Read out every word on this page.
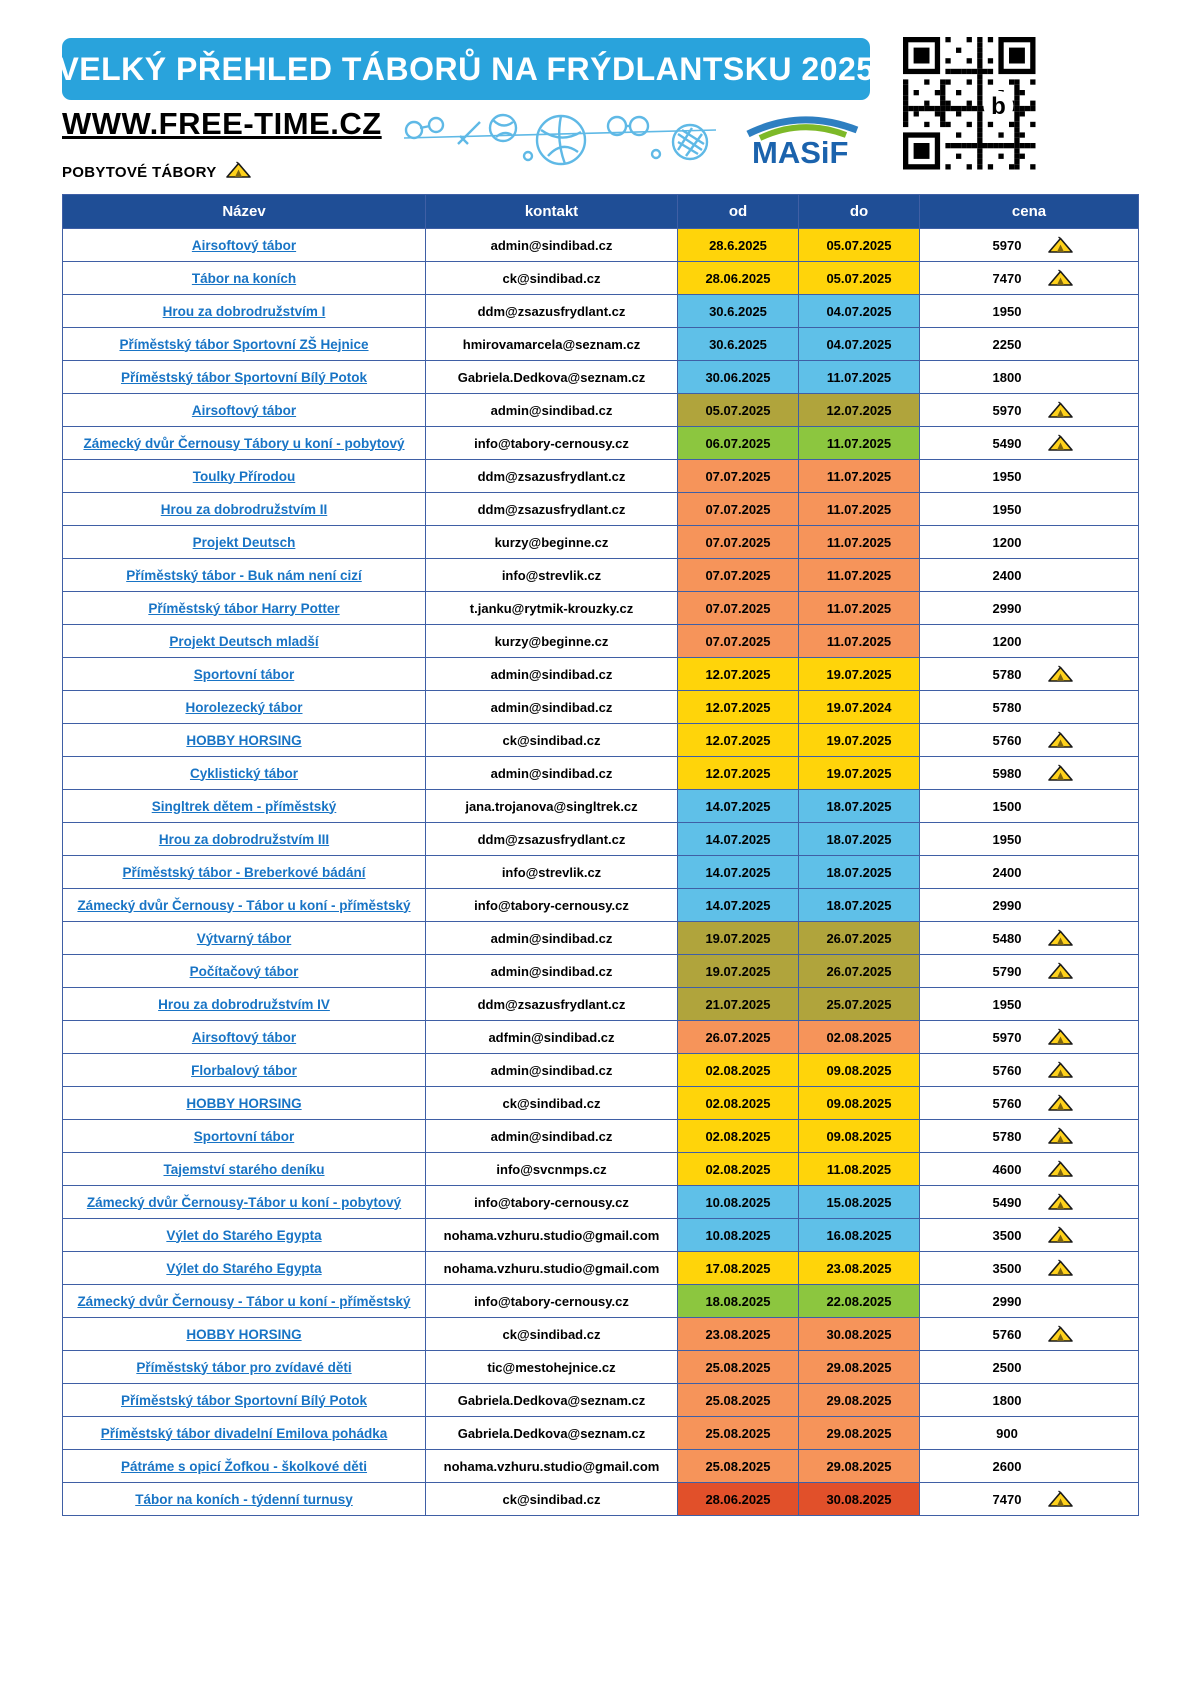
VELKÝ PŘEHLED TÁBORŮ NA FRÝDLANTSKU 2025
b
WWW.FREE-TIME.CZ
MASiF
POBYTOVÉ TÁBORY
Název	kontakt	od	do	cena
Airsoftový tábor	admin@sindibad.cz	28.6.2025	05.07.2025	5970

Tábor na koních	ck@sindibad.cz	28.06.2025	05.07.2025	7470

Hrou za dobrodružstvím I	ddm@zsazusfrydlant.cz	30.6.2025	04.07.2025	1950

Příměstský tábor Sportovní ZŠ Hejnice	hmirovamarcela@seznam.cz	30.6.2025	04.07.2025	2250

Příměstský tábor Sportovní Bílý Potok	Gabriela.Dedkova@seznam.cz	30.06.2025	11.07.2025	1800

Airsoftový tábor	admin@sindibad.cz	05.07.2025	12.07.2025	5970

Zámecký dvůr Černousy Tábory u koní - pobytový	info@tabory-cernousy.cz	06.07.2025	11.07.2025	5490

Toulky Přírodou	ddm@zsazusfrydlant.cz	07.07.2025	11.07.2025	1950

Hrou za dobrodružstvím II	ddm@zsazusfrydlant.cz	07.07.2025	11.07.2025	1950

Projekt Deutsch	kurzy@beginne.cz	07.07.2025	11.07.2025	1200

Příměstský tábor - Buk nám není cizí	info@strevlik.cz	07.07.2025	11.07.2025	2400

Příměstský tábor Harry Potter	t.janku@rytmik-krouzky.cz	07.07.2025	11.07.2025	2990

Projekt Deutsch mladší	kurzy@beginne.cz	07.07.2025	11.07.2025	1200

Sportovní tábor	admin@sindibad.cz	12.07.2025	19.07.2025	5780

Horolezecký tábor	admin@sindibad.cz	12.07.2025	19.07.2024	5780

HOBBY HORSING	ck@sindibad.cz	12.07.2025	19.07.2025	5760

Cyklistický tábor	admin@sindibad.cz	12.07.2025	19.07.2025	5980

Singltrek dětem - příměstský	jana.trojanova@singltrek.cz	14.07.2025	18.07.2025	1500

Hrou za dobrodružstvím III	ddm@zsazusfrydlant.cz	14.07.2025	18.07.2025	1950

Příměstský tábor - Breberkové bádání	info@strevlik.cz	14.07.2025	18.07.2025	2400

Zámecký dvůr Černousy - Tábor u koní - příměstský	info@tabory-cernousy.cz	14.07.2025	18.07.2025	2990

Výtvarný tábor	admin@sindibad.cz	19.07.2025	26.07.2025	5480

Počítačový tábor	admin@sindibad.cz	19.07.2025	26.07.2025	5790

Hrou za dobrodružstvím IV	ddm@zsazusfrydlant.cz	21.07.2025	25.07.2025	1950

Airsoftový tábor	adfmin@sindibad.cz	26.07.2025	02.08.2025	5970

Florbalový tábor	admin@sindibad.cz	02.08.2025	09.08.2025	5760

HOBBY HORSING	ck@sindibad.cz	02.08.2025	09.08.2025	5760

Sportovní tábor	admin@sindibad.cz	02.08.2025	09.08.2025	5780

Tajemství starého deníku	info@svcnmps.cz	02.08.2025	11.08.2025	4600

Zámecký dvůr Černousy-Tábor u koní - pobytový	info@tabory-cernousy.cz	10.08.2025	15.08.2025	5490

Výlet do Starého Egypta	nohama.vzhuru.studio@gmail.com	10.08.2025	16.08.2025	3500

Výlet do Starého Egypta	nohama.vzhuru.studio@gmail.com	17.08.2025	23.08.2025	3500

Zámecký dvůr Černousy - Tábor u koní - příměstský	info@tabory-cernousy.cz	18.08.2025	22.08.2025	2990

HOBBY HORSING	ck@sindibad.cz	23.08.2025	30.08.2025	5760

Příměstský tábor pro zvídavé děti	tic@mestohejnice.cz	25.08.2025	29.08.2025	2500

Příměstský tábor Sportovní Bílý Potok	Gabriela.Dedkova@seznam.cz	25.08.2025	29.08.2025	1800

Příměstský tábor divadelní Emilova pohádka	Gabriela.Dedkova@seznam.cz	25.08.2025	29.08.2025	900

Pátráme s opicí Žofkou - školkové děti	nohama.vzhuru.studio@gmail.com	25.08.2025	29.08.2025	2600

Tábor na koních - týdenní turnusy	ck@sindibad.cz	28.06.2025	30.08.2025	7470
